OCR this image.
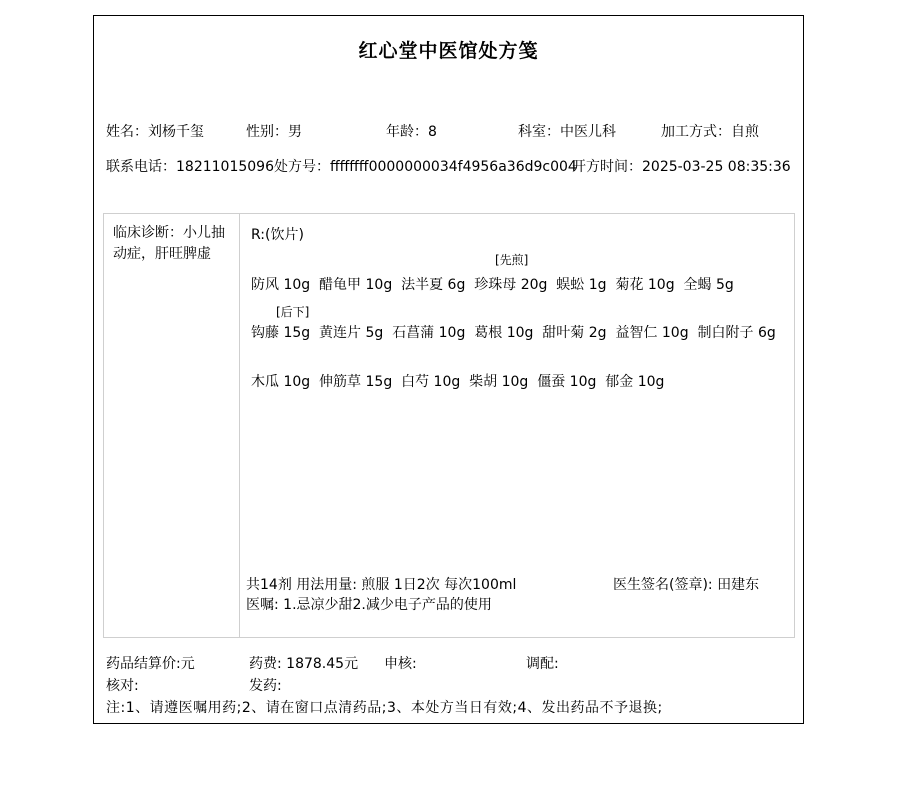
红心堂中医馆处方笺
姓名：刘杨千玺	性别：男	年龄：8	科室：中医儿科	加工方式：自煎
联系电话：18211015096 处方号：ffffffff0000000034f4956a36d9c004
开方时间：2025-03-25 08:35:36
临床诊断：小儿抽动症，肝旺脾虚
R:(饮片)
[先煎]
防风 10g  醋龟甲 10g  法半夏 6g  珍珠母 20g  蜈蚣 1g  菊花 10g  全蝎 5g
[后下]
钩藤 15g  黄连片 5g  石菖蒲 10g  葛根 10g  甜叶菊 2g  益智仁 10g  制白附子 6g
木瓜 10g  伸筋草 15g  白芍 10g  柴胡 10g  僵蚕 10g  郁金 10g
共14剂 用法用量: 煎服 1日2次 每次100ml	医生签名(签章): 田建东
医嘱: 1.忌凉少甜2.减少电子产品的使用
药品结算价:元	药费: 1878.45元 申核:	调配:
核对:	发药:
注:1、请遵医嘱用药;2、请在窗口点清药品;3、本处方当日有效;4、发出药品不予退换;
